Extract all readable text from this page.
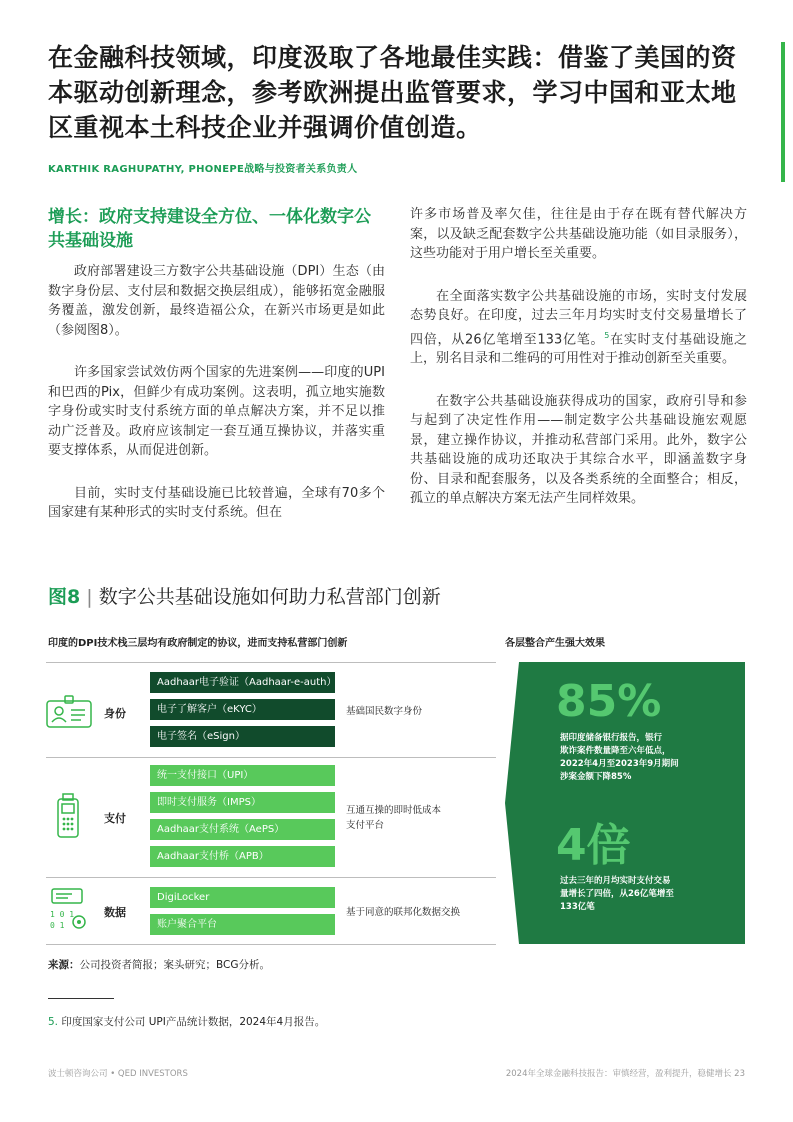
在金融科技领域，印度汲取了各地最佳实践：借鉴了美国的资本驱动创新理念，参考欧洲提出监管要求，学习中国和亚太地区重视本土科技企业并强调价值创造。
KARTHIK RAGHUPATHY, PHONEPE战略与投资者关系负责人
增长：政府支持建设全方位、一体化数字公共基础设施

政府部署建设三方数字公共基础设施（DPI）生态（由数字身份层、支付层和数据交换层组成），能够拓宽金融服务覆盖，激发创新，最终造福公众，在新兴市场更是如此（参阅图8）。

许多国家尝试效仿两个国家的先进案例——印度的UPI和巴西的Pix，但鲜少有成功案例。这表明，孤立地实施数字身份或实时支付系统方面的单点解决方案，并不足以推动广泛普及。政府应该制定一套互通互操协议，并落实重要支撑体系，从而促进创新。

目前，实时支付基础设施已比较普遍，全球有70多个国家建有某种形式的实时支付系统。但在

许多市场普及率欠佳，往往是由于存在既有替代解决方案，以及缺乏配套数字公共基础设施功能（如目录服务），这些功能对于用户增长至关重要。

在全面落实数字公共基础设施的市场，实时支付发展态势良好。在印度，过去三年月均实时支付交易量增长了四倍，从26亿笔增至133亿笔。$^5$在实时支付基础设施之上，别名目录和二维码的可用性对于推动创新至关重要。

在数字公共基础设施获得成功的国家，政府引导和参与起到了决定性作用——制定数字公共基础设施宏观愿景，建立操作协议，并推动私营部门采用。此外，数字公共基础设施的成功还取决于其综合水平，即涵盖数字身份、目录和配套服务，以及各类系统的全面整合；相反，孤立的单点解决方案无法产生同样效果。

图8 | 数字公共基础设施如何助力私营部门创新
印度的DPI技术栈三层均有政府制定的协议，进而支持私营部门创新	各层整合产生强大效果
身份
Aadhaar电子验证（Aadhaar-e-auth）
电子了解客户（eKYC）
电子签名（eSign）
基础国民数字身份
支付
统一支付接口（UPI）
即时支付服务（IMPS）
Aadhaar支付系统（AePS）
Aadhaar支付桥（APB）
互通互操的即时低成本
支付平台
1 0 1
0 1
数据
DigiLocker
账户聚合平台
基于同意的联邦化数据交换
85%
据印度储备银行报告，银行
欺诈案件数量降至六年低点，
2022年4月至2023年9月期间
涉案金额下降85%
4倍
过去三年的月均实时支付交易
量增长了四倍，从26亿笔增至
133亿笔
来源：公司投资者简报；案头研究；BCG分析。
5. 印度国家支付公司 UPI产品统计数据，2024年4月报告。
波士顿咨询公司 • QED INVESTORS	2024年全球金融科技报告：审慎经营，盈利提升，稳健增长 23
